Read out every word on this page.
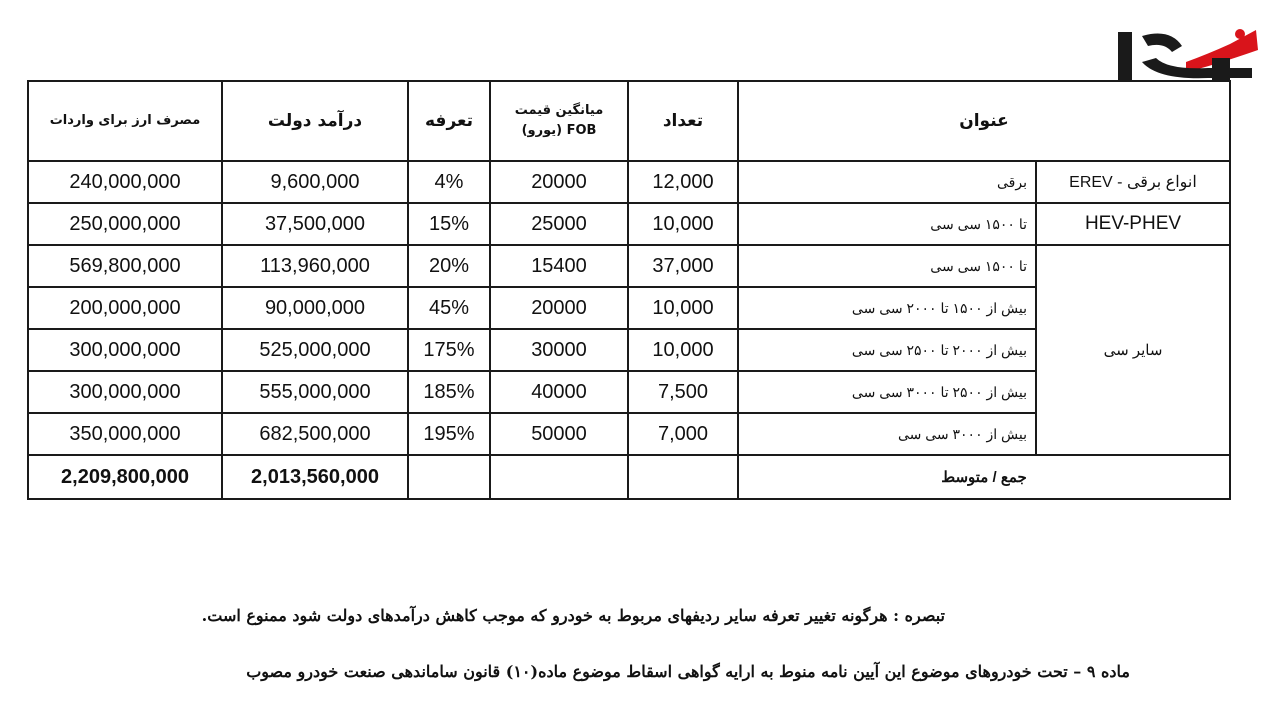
مصرف ارز برای واردات	درآمد دولت	تعرفه	میانگین قیمت FOB (یورو)	تعداد	عنوان	
240,000,000	9,600,000	4%	20000	12,000	برقی	انواع برقی - EREV
250,000,000	37,500,000	15%	25000	10,000	تا ۱۵۰۰ سی سی	HEV-PHEV
569,800,000	113,960,000	20%	15400	37,000	تا ۱۵۰۰ سی سی	سایر سی
200,000,000	90,000,000	45%	20000	10,000	بیش از ۱۵۰۰ تا ۲۰۰۰ سی سی	
300,000,000	525,000,000	175%	30000	10,000	بیش از ۲۰۰۰ تا ۲۵۰۰ سی سی	
300,000,000	555,000,000	185%	40000	7,500	بیش از ۲۵۰۰ تا ۳۰۰۰ سی سی	
350,000,000	682,500,000	195%	50000	7,000	بیش از ۳۰۰۰ سی سی	
2,209,800,000	2,013,560,000				جمع / متوسط	
تبصره : هرگونه تغییر تعرفه سایر ردیفهای مربوط به خودرو که موجب کاهش درآمدهای دولت شود ممنوع است.
ماده ۹ – تحت خودروهای موضوع این آیین نامه منوط به ارایه گواهی اسقاط موضوع ماده(۱۰) قانون ساماندهی صنعت خودرو مصوب
